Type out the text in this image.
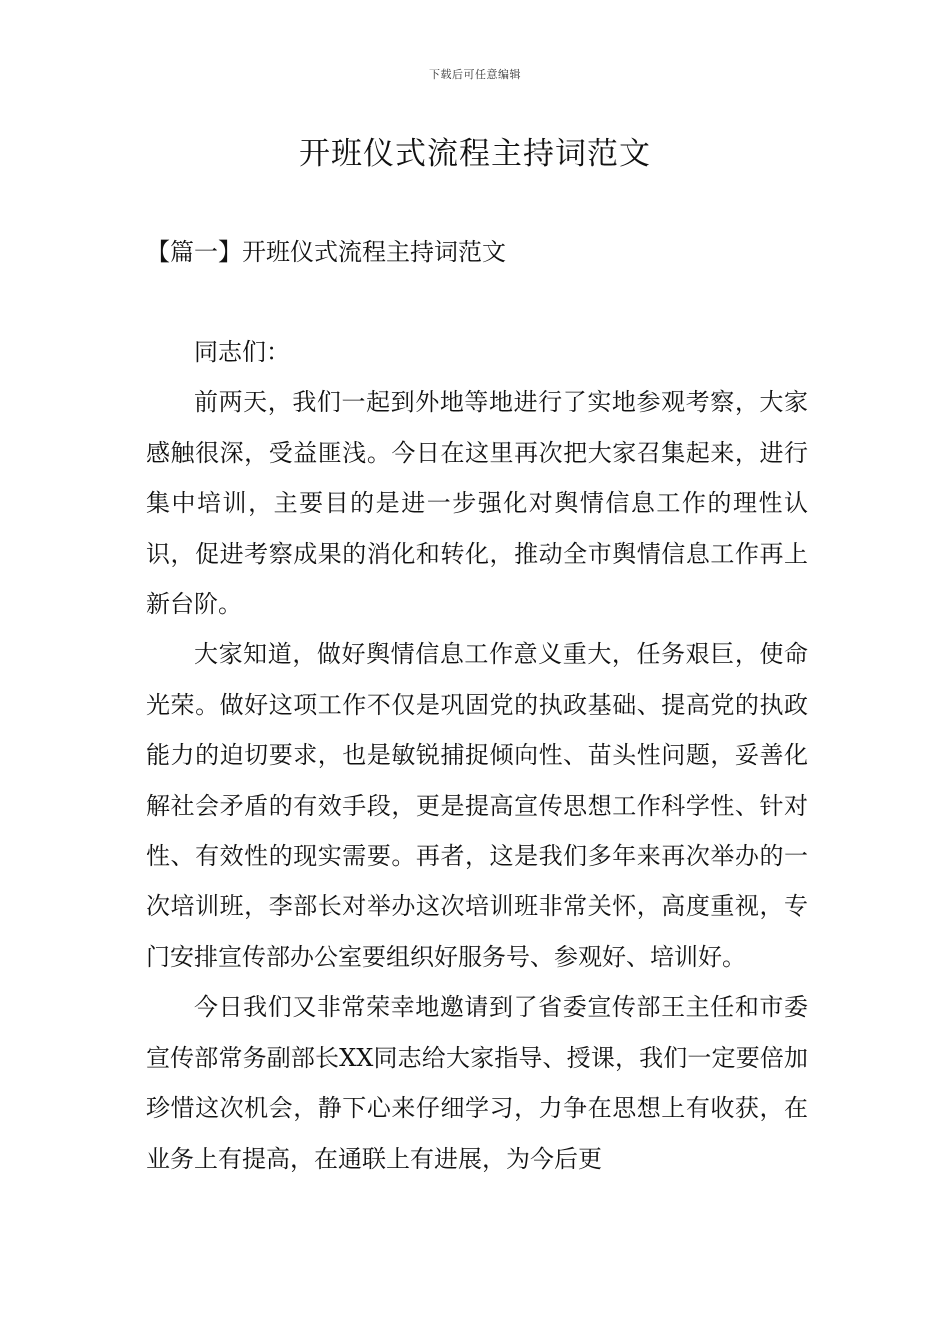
下载后可任意编辑
开班仪式流程主持词范文
【篇一】开班仪式流程主持词范文

同志们：

前两天，我们一起到外地等地进行了实地参观考察，大家感触很深，受益匪浅。今日在这里再次把大家召集起来，进行集中培训，主要目的是进一步强化对舆情信息工作的理性认识，促进考察成果的消化和转化，推动全市舆情信息工作再上新台阶。

大家知道，做好舆情信息工作意义重大，任务艰巨，使命光荣。做好这项工作不仅是巩固党的执政基础、提高党的执政能力的迫切要求，也是敏锐捕捉倾向性、苗头性问题，妥善化解社会矛盾的有效手段，更是提高宣传思想工作科学性、针对性、有效性的现实需要。再者，这是我们多年来再次举办的一次培训班，李部长对举办这次培训班非常关怀，高度重视，专门安排宣传部办公室要组织好服务号、参观好、培训好。

今日我们又非常荣幸地邀请到了省委宣传部王主任和市委宣传部常务副部长XX同志给大家指导、授课，我们一定要倍加珍惜这次机会，静下心来仔细学习，力争在思想上有收获，在业务上有提高，在通联上有进展，为今后更
